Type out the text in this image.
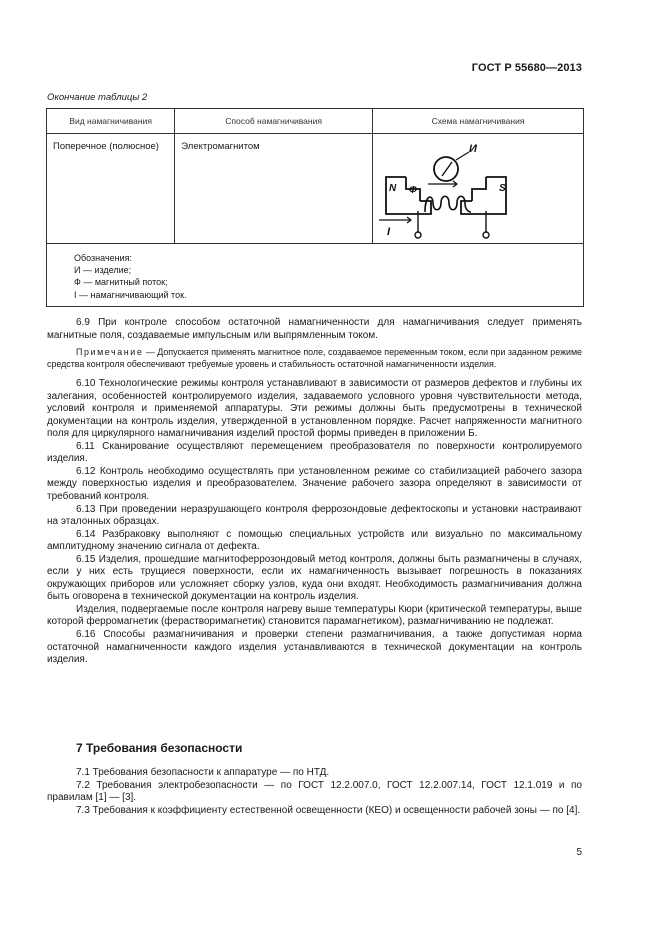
ГОСТ Р 55680—2013
Окончание таблицы 2
Вид намагничивания	Способ намагничивания	Схема намагничивания

Поперечное (полюсное)	Электромагнитом	И
N S
Ф
I

Обозначения:
И — изделие;
Ф — магнитный поток;
I — намагничивающий ток.		

6.9 При контроле способом остаточной намагниченности для намагничивания следует применять магнитные поля, создаваемые импульсным или выпрямленным током.

Примечание — Допускается применять магнитное поле, создаваемое переменным током, если при заданном режиме средства контроля обеспечивают требуемые уровень и стабильность остаточной намагниченности изделия.

6.10 Технологические режимы контроля устанавливают в зависимости от размеров дефектов и глубины их залегания, особенностей контролируемого изделия, задаваемого условного уровня чувствительности метода, условий контроля и применяемой аппаратуры. Эти режимы должны быть предусмотрены в технической документации на контроль изделия, утвержденной в установленном порядке. Расчет напряженности магнитного поля для циркулярного намагничивания изделий простой формы приведен в приложении Б.

6.11 Сканирование осуществляют перемещением преобразователя по поверхности контролируемого изделия.

6.12 Контроль необходимо осуществлять при установленном режиме со стабилизацией рабочего зазора между поверхностью изделия и преобразователем. Значение рабочего зазора определяют в зависимости от требований контроля.

6.13 При проведении неразрушающего контроля феррозондовые дефектоскопы и установки настраивают на эталонных образцах.

6.14 Разбраковку выполняют с помощью специальных устройств или визуально по максимальному амплитудному значению сигнала от дефекта.

6.15 Изделия, прошедшие магнитоферрозондовый метод контроля, должны быть размагничены в случаях, если у них есть трущиеся поверхности, если их намагниченность вызывает погрешность в показаниях окружающих приборов или усложняет сборку узлов, куда они входят. Необходимость размагничивания должна быть оговорена в технической документации на контроль изделия.

Изделия, подвергаемые после контроля нагреву выше температуры Кюри (критической температуры, выше которой ферромагнетик (ферастворимагнетик) становится парамагнетиком), размагничиванию не подлежат.

6.16 Способы размагничивания и проверки степени размагничивания, а также допустимая норма остаточной намагниченности каждого изделия устанавливаются в технической документации на контроль изделия.

7 Требования безопасности

7.1 Требования безопасности к аппаратуре — по НТД.

7.2 Требования электробезопасности — по ГОСТ 12.2.007.0, ГОСТ 12.2.007.14, ГОСТ 12.1.019 и по правилам [1] — [3].

7.3 Требования к коэффициенту естественной освещенности (КЕО) и освещенности рабочей зоны — по [4].

5
